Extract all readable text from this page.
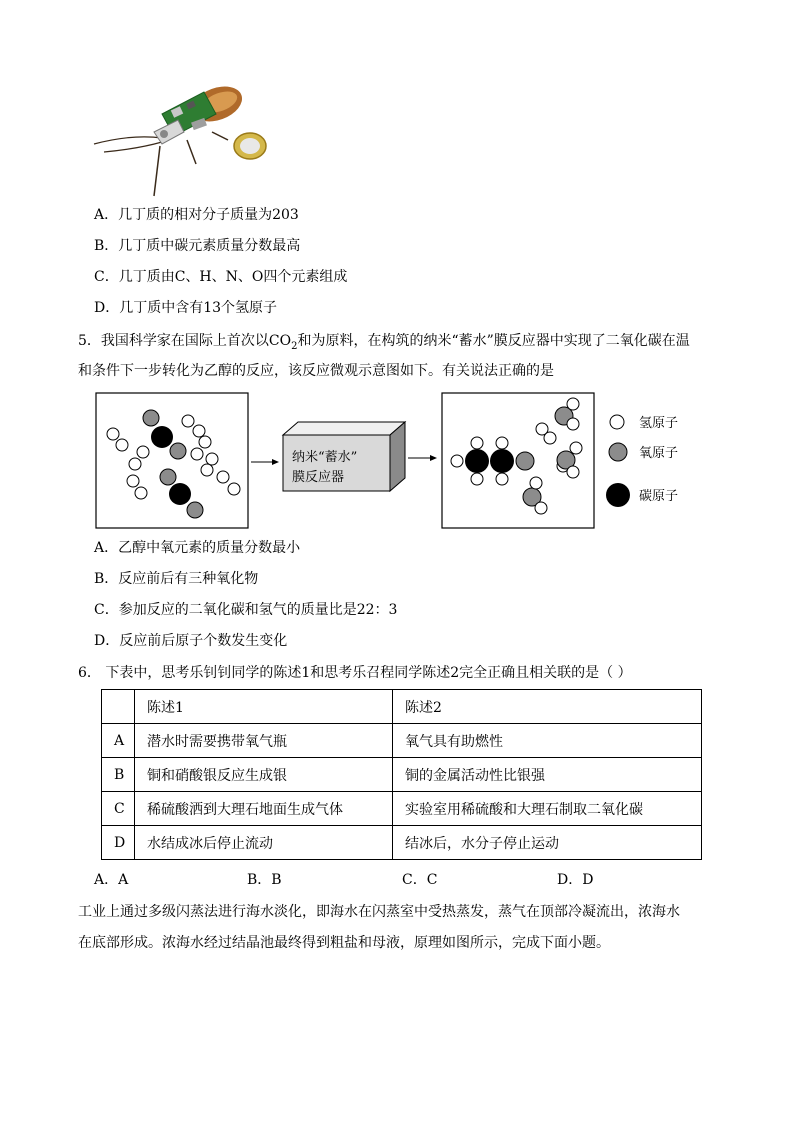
A．几丁质的相对分子质量为203
B．几丁质中碳元素质量分数最高
C．几丁质由C、H、N、O四个元素组成
D．几丁质中含有13个氢原子
5．我国科学家在国际上首次以$CO_2$和为原料，在构筑的纳米“蓄水”膜反应器中实现了二氧化碳在温
和条件下一步转化为乙醇的反应，该反应微观示意图如下。有关说法正确的是
纳米“蓄水”
膜反应器
氢原子
氧原子
碳原子
A．乙醇中氧元素的质量分数最小
B．反应前后有三种氧化物
C．参加反应的二氧化碳和氢气的质量比是22：3
D．反应前后原子个数发生变化
6． 下表中，思考乐钊钊同学的陈述1和思考乐召程同学陈述2完全正确且相关联的是（ ）
	陈述1	陈述2
A	潜水时需要携带氧气瓶	氧气具有助燃性
B	铜和硝酸银反应生成银	铜的金属活动性比银强
C	稀硫酸洒到大理石地面生成气体	实验室用稀硫酸和大理石制取二氧化碳
D	水结成冰后停止流动	结冰后，水分子停止运动
A．A	B．B	C．C	D．D
工业上通过多级闪蒸法进行海水淡化，即海水在闪蒸室中受热蒸发，蒸气在顶部冷凝流出，浓海水
在底部形成。浓海水经过结晶池最终得到粗盐和母液，原理如图所示，完成下面小题。
